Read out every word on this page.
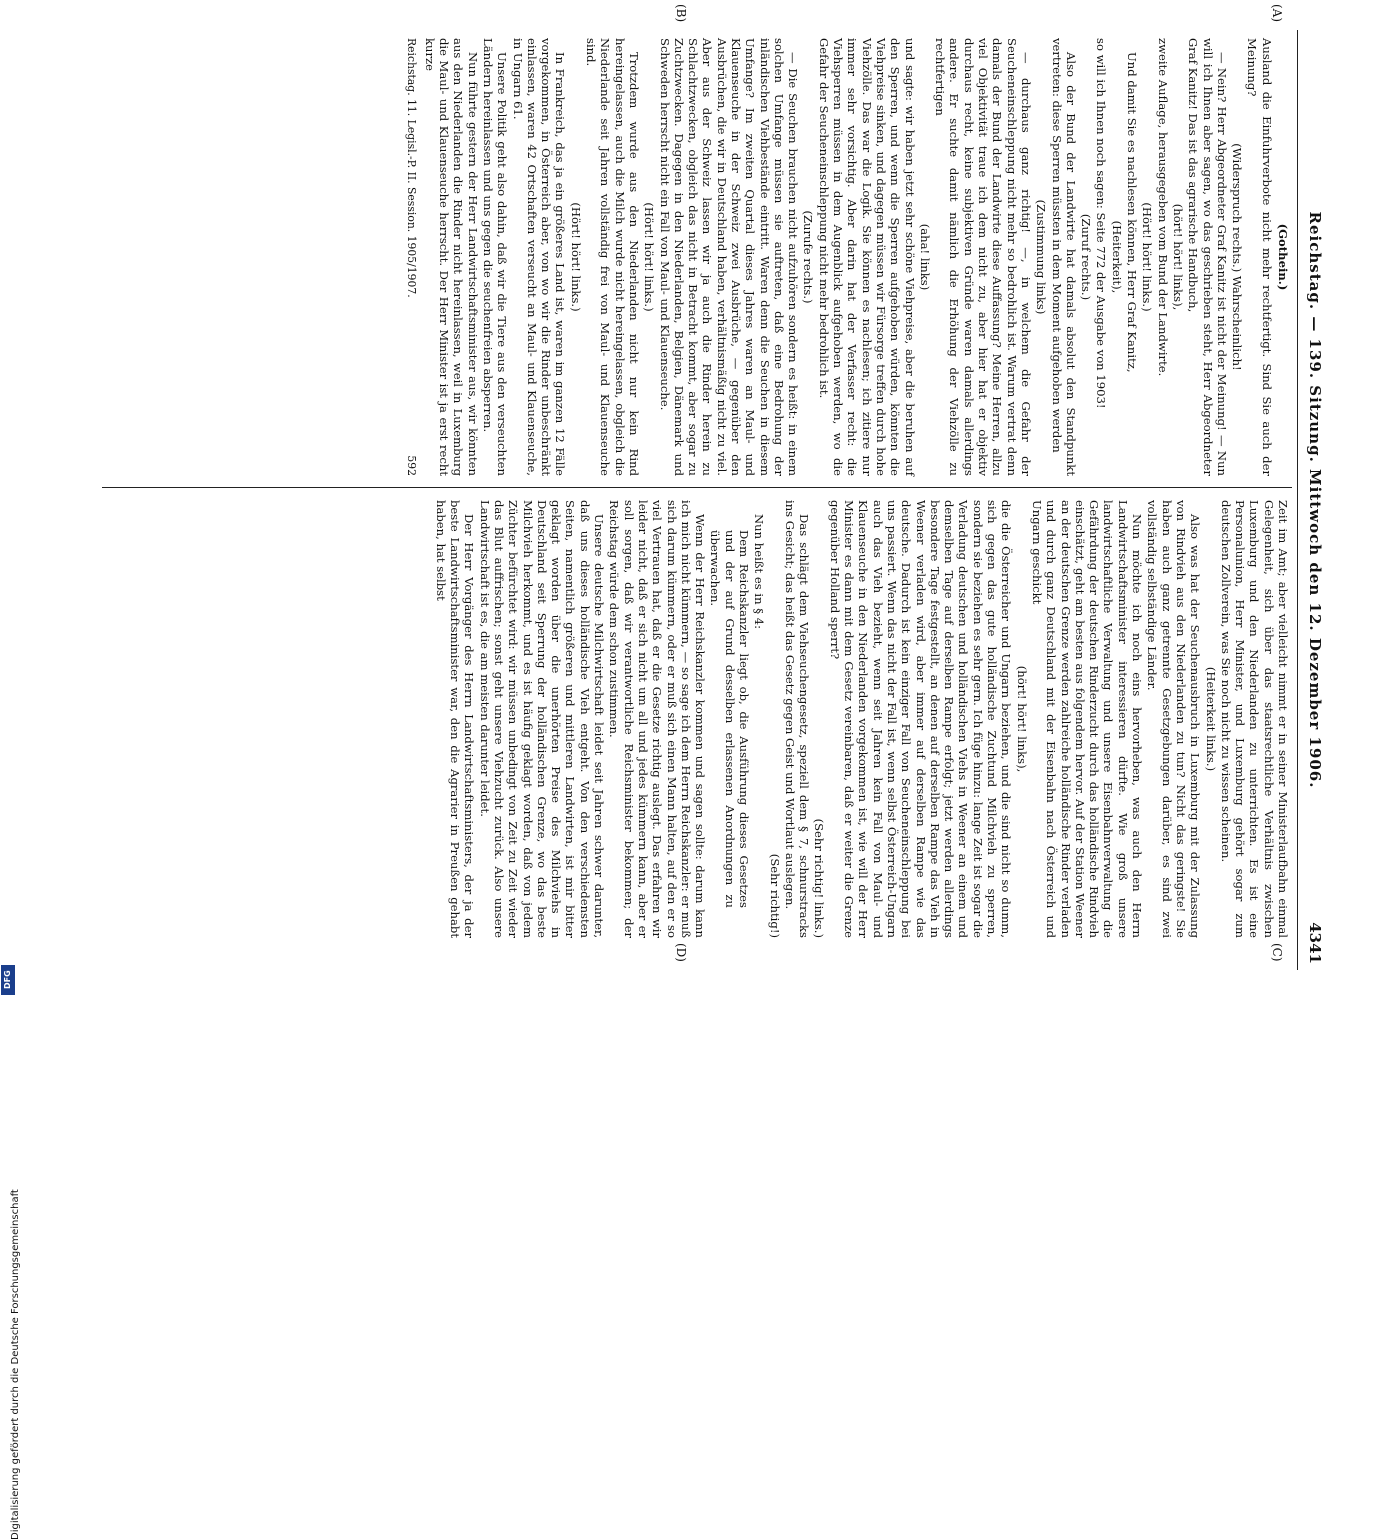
Reichstag. — 139. Sitzung. Mittwoch den 12. Dezember 1906.
4341
(Gothein.)

Ausland die Einfuhrverbote nicht mehr rechtfertigt. Sind Sie auch der Meinung?

(Widerspruch rechts.) Wahrscheinlich!

— Nein? Herr Abgeordneter Graf Kanitz ist nicht der Meinung! — Nun will ich Ihnen aber sagen, wo das geschrieben steht, Herr Abgeordneter Graf Kanitz! Das ist das agrarische Handbuch,

(hört! hört! links),

zweite Auflage, herausgegeben vom Bund der Landwirte.

(Hört! hört! links.)

Und damit Sie es nachlesen können, Herr Graf Kanitz,

(Heiterkeit),

so will ich Ihnen noch sagen: Seite 772 der Ausgabe von 1903!

(Zuruf rechts.)

Also der Bund der Landwirte hat damals absolut den Standpunkt vertreten: diese Sperren müssten in dem Moment aufgehoben werden

(Zustimmung links)

— durchaus ganz richtig! —, in welchem die Gefahr der Seucheneinschleppung nicht mehr so bedrohlich ist. Warum vertrat denn damals der Bund der Landwirte diese Auffassung? Meine Herren, allzu viel Objektivität traue ich dem nicht zu, aber hier hat er objektiv durchaus recht, keine subjektiven Gründe waren damals allerdings andere. Er suchte damit nämlich die Erhöhung der Viehzölle zu rechtfertigen

(aha! links)

und sagte: wir haben jetzt sehr schöne Viehpreise, aber die beruhen auf den Sperren, und wenn die Sperren aufgehoben würden, könnten die Viehpreise sinken, und dagegen müssen wir Fürsorge treffen durch hohe Viehzölle. Das war die Logik. Sie können es nachlesen; ich zitiere nur immer sehr vorsichtig. Aber darin hat der Verfasser recht: die Viehsperren müssen in dem Augenblick aufgehoben werden, wo die Gefahr der Seucheneinschleppung nicht mehr bedrohlich ist.

(Zurufe rechts.)

— Die Seuchen brauchen nicht aufzuhören sondern es heißt: in einem solchen Umfange müssen sie auftreten, daß eine Bedrohung der inländischen Viehbestände eintritt. Waren denn die Seuchen in diesem Umfange? Im zweiten Quartal dieses Jahres waren an Maul- und Klauenseuche in der Schweiz zwei Ausbrüche, — gegenüber den Ausbrüchen, die wir in Deutschland haben, verhältnismäßig nicht zu viel. Aber aus der Schweiz lassen wir ja auch die Rinder herein zu Schlachtzwecken, obgleich das nicht in Betracht kommt, aber sogar zu Zuchtzwecken. Dagegen in den Niederlanden, Belgien, Dänemark und Schweden herrscht nicht ein Fall von Maul- und Klauenseuche.

(Hört! hört! links.)

Trotzdem wurde aus den Niederlanden nicht nur kein Rind hereingelassen, auch die Milch wurde nicht hereingelassen, obgleich die Niederlande seit Jahren vollständig frei von Maul- und Klauenseuche sind.

(Hört! hört! links.)

In Frankreich, das ja ein größeres Land ist, waren im ganzen 12 Fälle vorgekommen, in Österreich aber, von wo wir die Rinder unbeschränkt einlassen, waren 42 Ortschaften verseucht an Maul- und Klauenseuche, in Ungarn 61.

Unsere Politik geht also dahin, daß wir die Tiere aus den verseuchten Ländern hereinlassen und uns gegen die seuchenfreien absperren.

Nun führte gestern der Herr Landwirtschaftsminister aus, wir könnten aus den Niederlanden die Rinder nicht hereinlassen, weil in Luxemburg die Maul- und Klauenseuche herrscht. Der Herr Minister ist ja erst recht kurze

Reichstag. 11. Legisl.-P. II. Session. 1905/1907.
592

Zeit im Amt; aber vielleicht nimmt er in seiner Ministerlaufbahn einmal Gelegenheit, sich über das staatsrechtliche Verhältnis zwischen Luxemburg und den Niederlanden zu unterrichten. Es ist eine Personalunion, Herr Minister, und Luxemburg gehört sogar zum deutschen Zollverein, was Sie noch nicht zu wissen scheinen.

(Heiterkeit links.)

Also was hat der Seuchenausbruch in Luxemburg mit der Zulassung von Rindvieh aus den Niederlanden zu tun? Nicht das geringste! Sie haben auch ganz getrennte Gesetzgebungen darüber, es sind zwei vollständig selbständige Länder.

Nun möchte ich noch eins hervorheben, was auch den Herrn Landwirtschaftsminister interessieren dürfte. Wie groß unsere landwirtschaftliche Verwaltung und unsere Eisenbahnverwaltung die Gefährdung der deutschen Rinderzucht durch das holländische Rindvieh einschätzt, geht am besten aus folgendem hervor. Auf der Station Weener an der deutschen Grenze werden zahlreiche holländische Rinder verladen und durch ganz Deutschland mit der Eisenbahn nach Österreich und Ungarn geschickt

(hört! hört! links),

die die Österreicher und Ungarn beziehen, und die sind nicht so dumm, sich gegen das gute holländische Zuchtund Milchvieh zu sperren, sondern sie beziehen es sehr gern. Ich füge hinzu: lange Zeit ist sogar die Verladung deutschen und holländischen Viehs in Weener an einem und demselben Tage auf derselben Rampe erfolgt; jetzt werden allerdings besondere Tage festgestellt, an denen auf derselben Rampe das Vieh in Weener verladen wird, aber immer auf derselben Rampe wie das deutsche. Dadurch ist kein einziger Fall von Seucheneinschleppung bei uns passiert. Wenn das nicht der Fall ist, wenn selbst Österreich-Ungarn auch das Vieh bezieht, wenn seit Jahren kein Fall von Maul- und Klauenseuche in den Niederlanden vorgekommen ist, wie will der Herr Minister es dann mit dem Gesetz vereinbaren, daß er weiter die Grenze gegenüber Holland sperrt?

(Sehr richtig! links.)

Das schlägt dem Viehseuchengesetz, speziell dem § 7, schnurstracks ins Gesicht; das heißt das Gesetz gegen Geist und Wortlaut auslegen.

(Sehr richtig!)

Nun heißt es in § 4:

Dem Reichskanzler liegt ob, die Ausführung dieses Gesetzes und der auf Grund desselben erlassenen Anordnungen zu überwachen.

Wenn der Herr Reichskanzler kommen und sagen sollte: darum kann ich mich nicht kümmern, — so sage ich dem Herrn Reichskanzler: er muß sich darum kümmern, oder er muß sich einen Mann halten, auf den er so viel Vertrauen hat, daß er die Gesetze richtig auslegt. Das erfahren wir leider nicht, daß er sich nicht um all und jedes kümmern kann, aber er soll sorgen, daß wir verantwortliche Reichsminister bekommen; der Reichstag würde dem schon zustimmen.

Unsere deutsche Milchwirtschaft leidet seit Jahren schwer darunter, daß uns dieses holländische Vieh entgeht. Von den verschiedensten Seiten, namentlich größeren und mittleren Landwirten, ist mir bitter geklagt worden über die unerhörten Preise des Milchviehs in Deutschland seit Sperrung der holländischen Grenze, wo das beste Milchvieh herkommt, und es ist häufig geklagt worden, daß von jedem Züchter befürchtet wird: wir müssen unbedingt von Zeit zu Zeit wieder das Blut auffrischen; sonst geht unsere Viehzucht zurück. Also unsere Landwirtschaft ist es, die am meisten darunter leidet.

Der Herr Vorgänger des Herrn Landwirtschaftsministers, der ja der beste Landwirtschaftsminister war, den die Agrarier in Preußen gehabt haben, hat selbst

(A)
(B)
(C)
(D)
Digitalisierung gefördert durch die Deutsche Forschungsgemeinschaft
DFG
